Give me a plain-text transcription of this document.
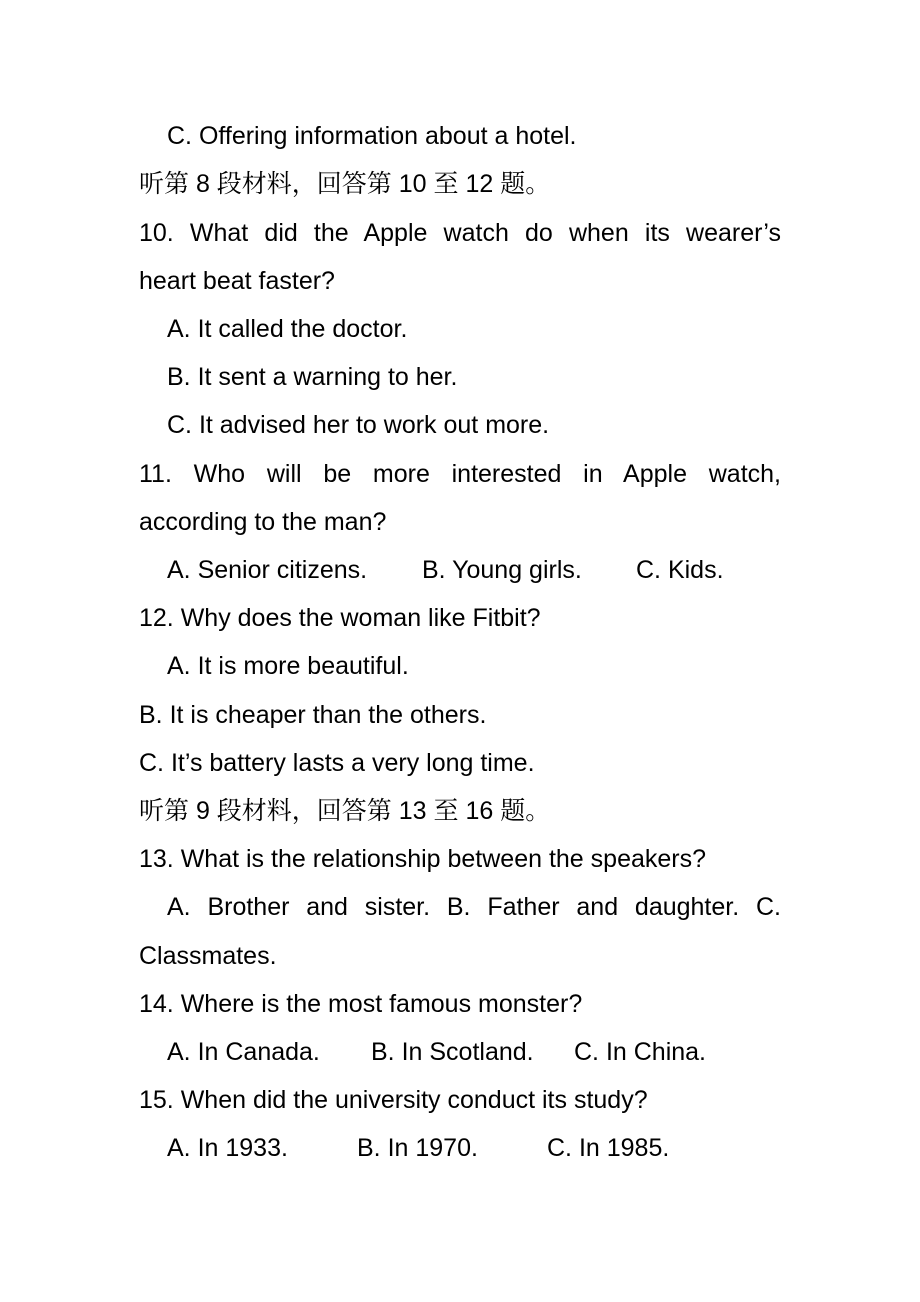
C. Offering information about a hotel.
听第 8 段材料，回答第 10 至 12 题。
10. What did the Apple watch do when its wearer’s
heart beat faster?
A. It called the doctor.
B. It sent a warning to her.
C. It advised her to work out more.
11. Who will be more interested in Apple watch,
according to the man?
A. Senior citizens.	B. Young girls.	C. Kids.
12. Why does the woman like Fitbit?
A. It is more beautiful.
B. It is cheaper than the others.
C. It’s battery lasts a very long time.
听第 9 段材料，回答第 13 至 16 题。
13. What is the relationship between the speakers?
A. Brother and sister. B. Father and daughter. C.
Classmates.
14. Where is the most famous monster?
A. In Canada.	B. In Scotland.	C. In China.
15. When did the university conduct its study?
A. In 1933.	B. In 1970.	C. In 1985.
